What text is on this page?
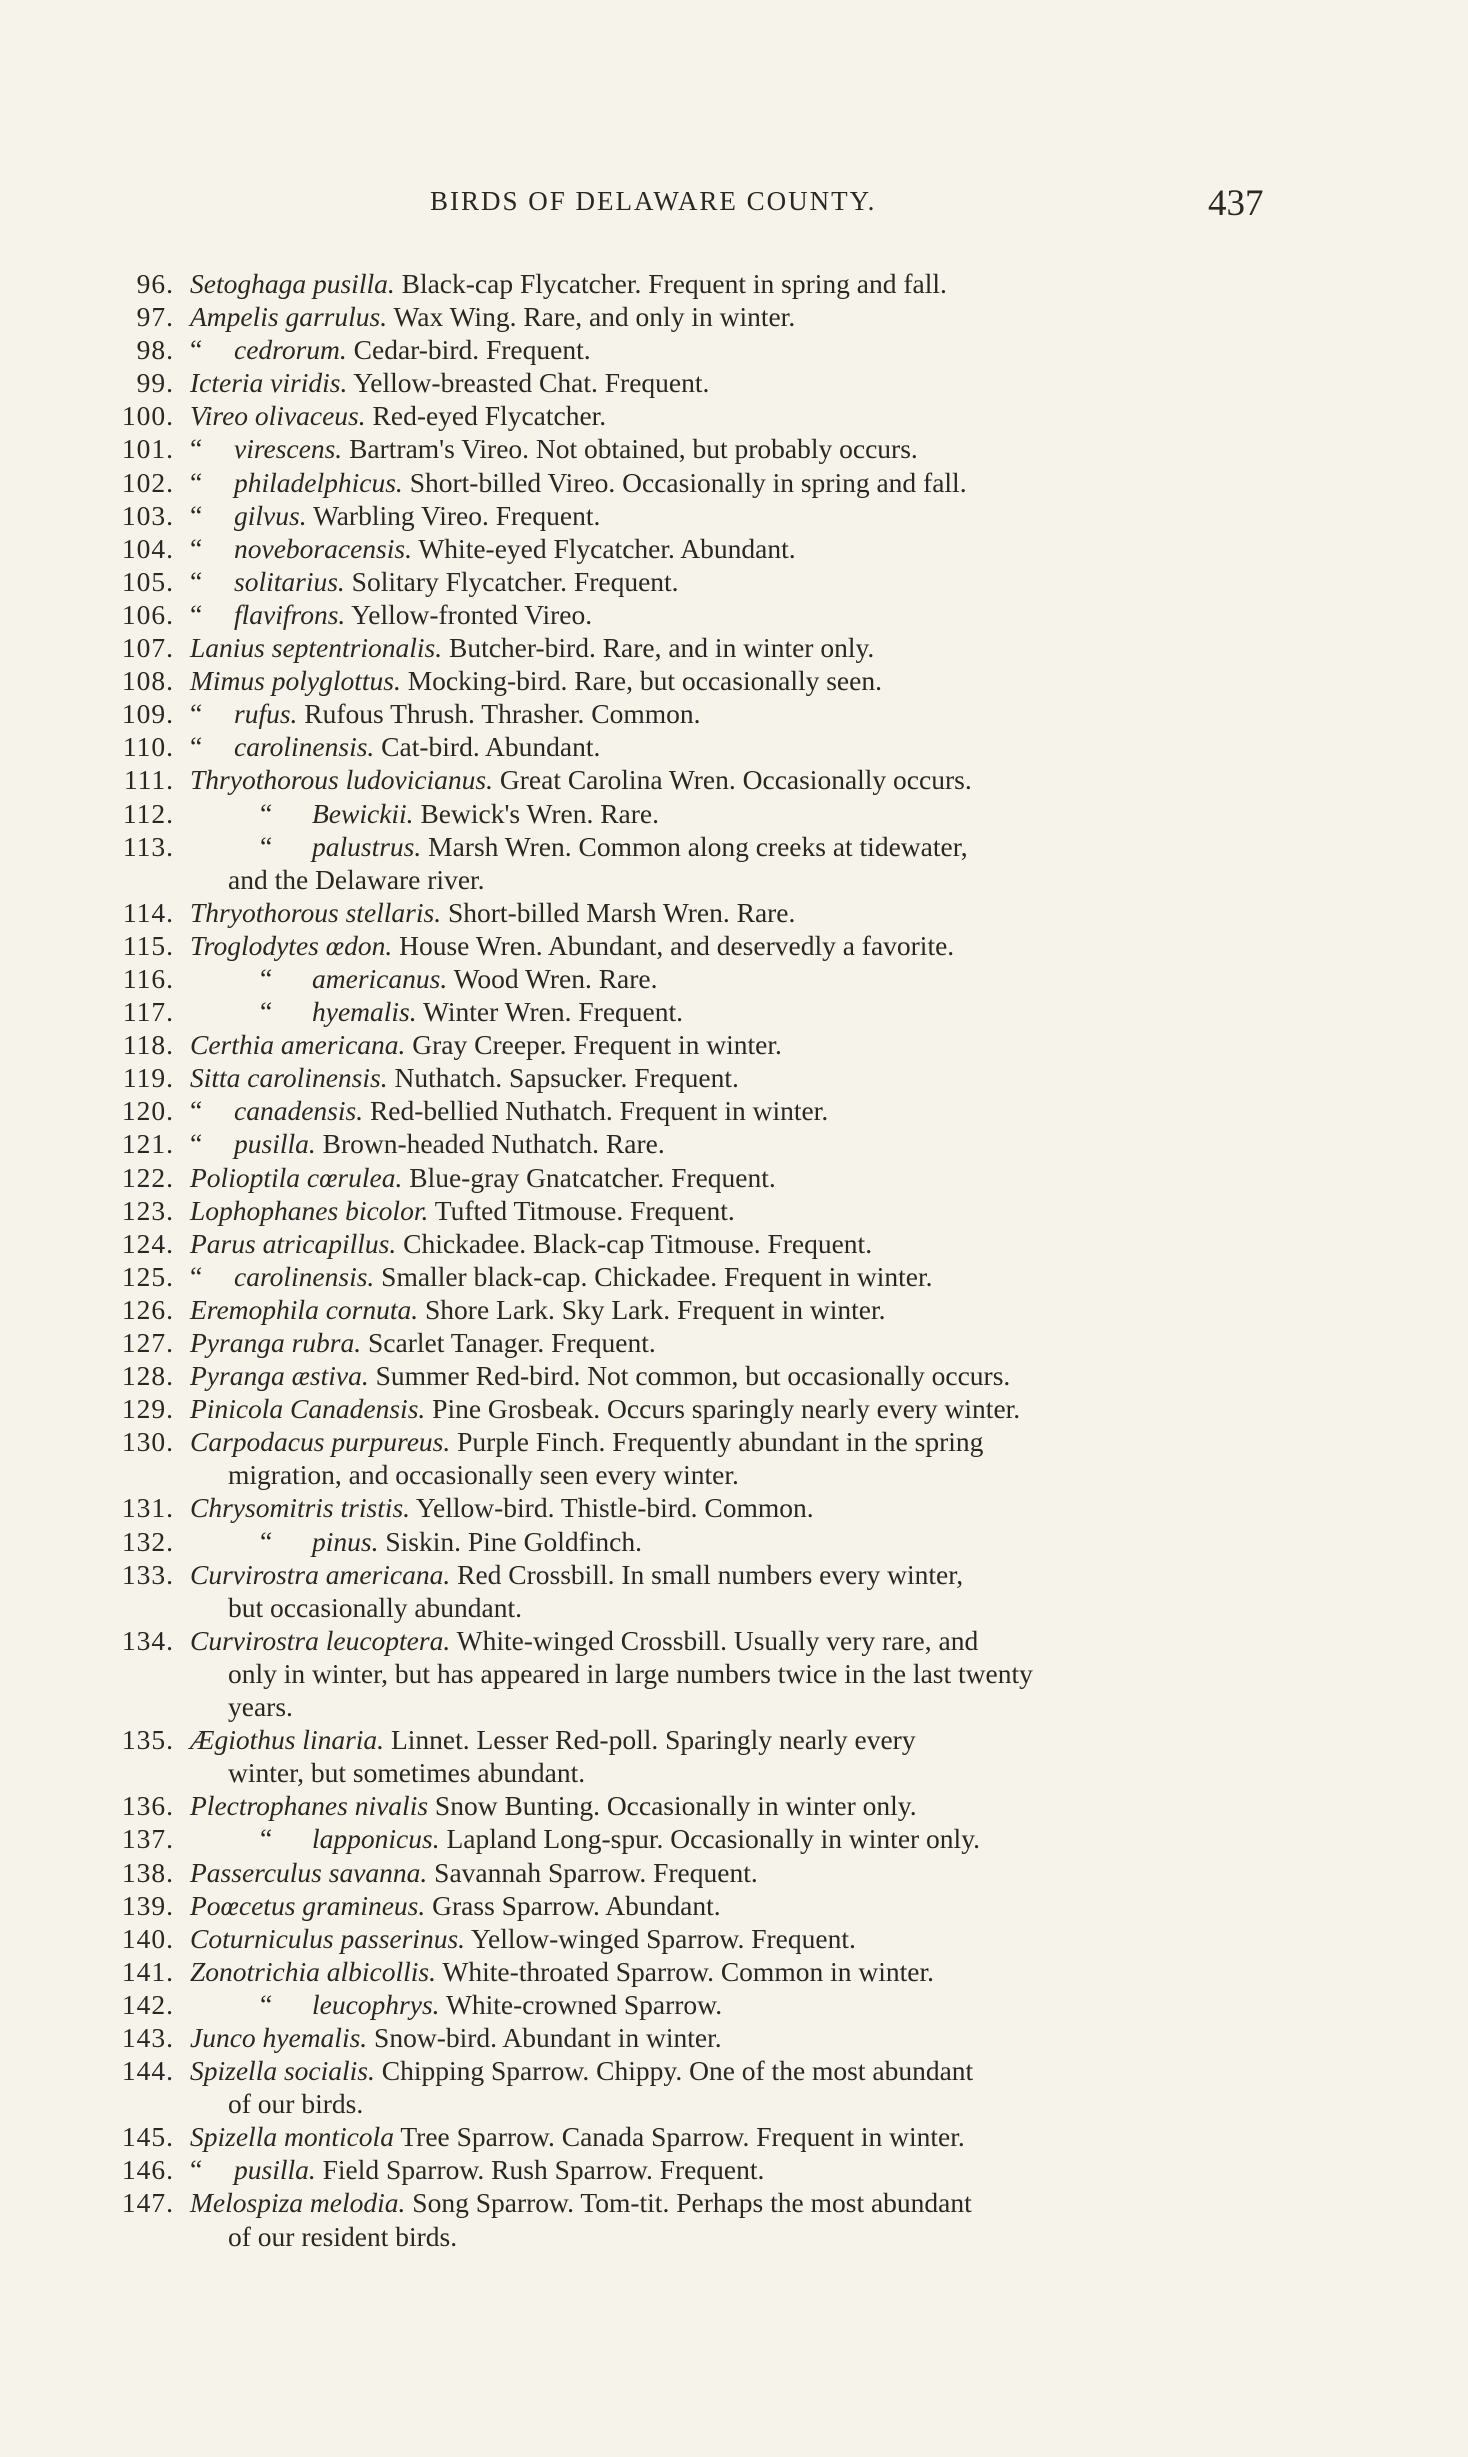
BIRDS OF DELAWARE COUNTY.	437
96. Setoghaga pusilla. Black-cap Flycatcher. Frequent in spring and fall.
97. Ampelis garrulus. Wax Wing. Rare, and only in winter.
98. “ cedrorum. Cedar-bird. Frequent.
99. Icteria viridis. Yellow-breasted Chat. Frequent.
100. Vireo olivaceus. Red-eyed Flycatcher.
101. “ virescens. Bartram's Vireo. Not obtained, but probably occurs.
102. “ philadelphicus. Short-billed Vireo. Occasionally in spring and fall.
103. “ gilvus. Warbling Vireo. Frequent.
104. “ noveboracensis. White-eyed Flycatcher. Abundant.
105. “ solitarius. Solitary Flycatcher. Frequent.
106. “ flavifrons. Yellow-fronted Vireo.
107. Lanius septentrionalis. Butcher-bird. Rare, and in winter only.
108. Mimus polyglottus. Mocking-bird. Rare, but occasionally seen.
109. “ rufus. Rufous Thrush. Thrasher. Common.
110. “ carolinensis. Cat-bird. Abundant.
111. Thryothorous ludovicianus. Great Carolina Wren. Occasionally occurs.
112.	“ Bewickii. Bewick's Wren. Rare.
113.	“ palustrus. Marsh Wren. Common along creeks at tidewater,
and the Delaware river.
114. Thryothorous stellaris. Short-billed Marsh Wren. Rare.
115. Troglodytes œdon. House Wren. Abundant, and deservedly a favorite.
116.	“ americanus. Wood Wren. Rare.
117.	“ hyemalis. Winter Wren. Frequent.
118. Certhia americana. Gray Creeper. Frequent in winter.
119. Sitta carolinensis. Nuthatch. Sapsucker. Frequent.
120. “ canadensis. Red-bellied Nuthatch. Frequent in winter.
121. “ pusilla. Brown-headed Nuthatch. Rare.
122. Polioptila cœrulea. Blue-gray Gnatcatcher. Frequent.
123. Lophophanes bicolor. Tufted Titmouse. Frequent.
124. Parus atricapillus. Chickadee. Black-cap Titmouse. Frequent.
125. “ carolinensis. Smaller black-cap. Chickadee. Frequent in winter.
126. Eremophila cornuta. Shore Lark. Sky Lark. Frequent in winter.
127. Pyranga rubra. Scarlet Tanager. Frequent.
128. Pyranga æstiva. Summer Red-bird. Not common, but occasionally occurs.
129. Pinicola Canadensis. Pine Grosbeak. Occurs sparingly nearly every winter.
130. Carpodacus purpureus. Purple Finch. Frequently abundant in the spring
migration, and occasionally seen every winter.
131. Chrysomitris tristis. Yellow-bird. Thistle-bird. Common.
132.	“ pinus. Siskin. Pine Goldfinch.
133. Curvirostra americana. Red Crossbill. In small numbers every winter,
but occasionally abundant.
134. Curvirostra leucoptera. White-winged Crossbill. Usually very rare, and
only in winter, but has appeared in large numbers twice in the last twenty
years.
135. Ægiothus linaria. Linnet. Lesser Red-poll. Sparingly nearly every
winter, but sometimes abundant.
136. Plectrophanes nivalis Snow Bunting. Occasionally in winter only.
137.	“ lapponicus. Lapland Long-spur. Occasionally in winter only.
138. Passerculus savanna. Savannah Sparrow. Frequent.
139. Poœcetus gramineus. Grass Sparrow. Abundant.
140. Coturniculus passerinus. Yellow-winged Sparrow. Frequent.
141. Zonotrichia albicollis. White-throated Sparrow. Common in winter.
142.	“ leucophrys. White-crowned Sparrow.
143. Junco hyemalis. Snow-bird. Abundant in winter.
144. Spizella socialis. Chipping Sparrow. Chippy. One of the most abundant
of our birds.
145. Spizella monticola Tree Sparrow. Canada Sparrow. Frequent in winter.
146. “ pusilla. Field Sparrow. Rush Sparrow. Frequent.
147. Melospiza melodia. Song Sparrow. Tom-tit. Perhaps the most abundant
of our resident birds.
